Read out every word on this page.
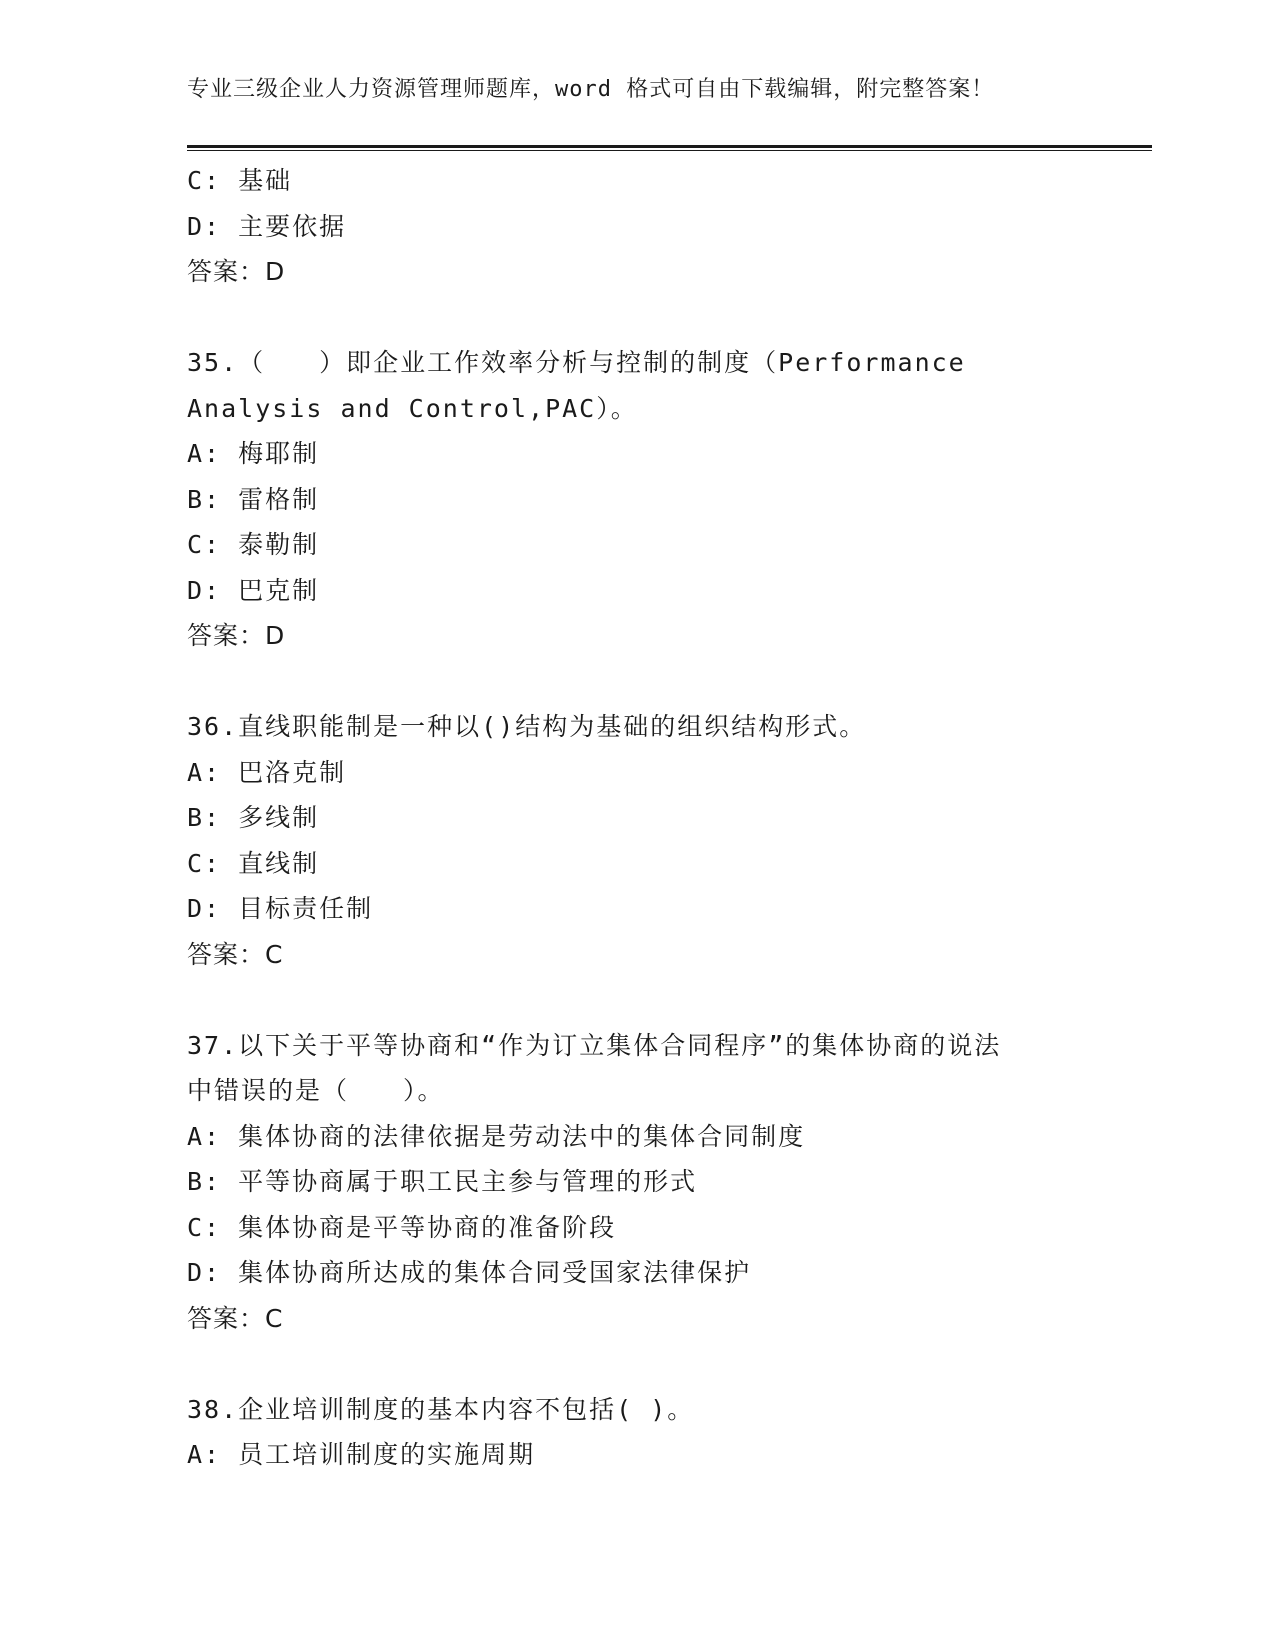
专业三级企业人力资源管理师题库，word 格式可自由下载编辑，附完整答案！
C: 基础
D: 主要依据
答案：D
35.（　　）即企业工作效率分析与控制的制度（Performance
Analysis and Control,PAC）。
A: 梅耶制
B: 雷格制
C: 泰勒制
D: 巴克制
答案：D
36.直线职能制是一种以()结构为基础的组织结构形式。
A: 巴洛克制
B: 多线制
C: 直线制
D: 目标责任制
答案：C
37.以下关于平等协商和“作为订立集体合同程序”的集体协商的说法
中错误的是（　　）。
A: 集体协商的法律依据是劳动法中的集体合同制度
B: 平等协商属于职工民主参与管理的形式
C: 集体协商是平等协商的准备阶段
D: 集体协商所达成的集体合同受国家法律保护
答案：C
38.企业培训制度的基本内容不包括( )。
A: 员工培训制度的实施周期
